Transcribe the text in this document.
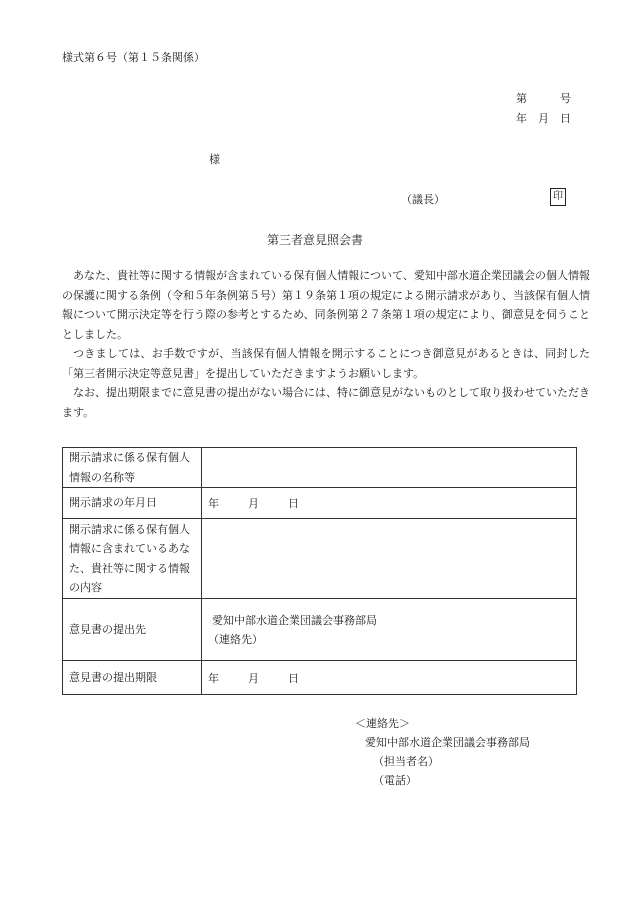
様式第６号（第１５条関係）
第　　　号
年　月　日
様
（議長）	印
第三者意見照会書

あなた、貴社等に関する情報が含まれている保有個人情報について、愛知中部水道企業団議会の個人情報の保護に関する条例（令和５年条例第５号）第１９条第１項の規定による開示請求があり、当該保有個人情報について開示決定等を行う際の参考とするため、同条例第２７条第１項の規定により、御意見を伺うこととしました。

つきましては、お手数ですが、当該保有個人情報を開示することにつき御意見があるときは、同封した「第三者開示決定等意見書」を提出していただきますようお願いします。

なお、提出期限までに意見書の提出がない場合には、特に御意見がないものとして取り扱わせていただきます。

開示請求に係る保有個人情報の名称等	
開示請求の年月日	年 月 日
開示請求に係る保有個人情報に含まれているあなた、貴社等に関する情報の内容	
意見書の提出先	愛知中部水道企業団議会事務部局
（連絡先）

意見書の提出期限	年 月 日
＜連絡先＞
愛知中部水道企業団議会事務部局
（担当者名）
（電話）
